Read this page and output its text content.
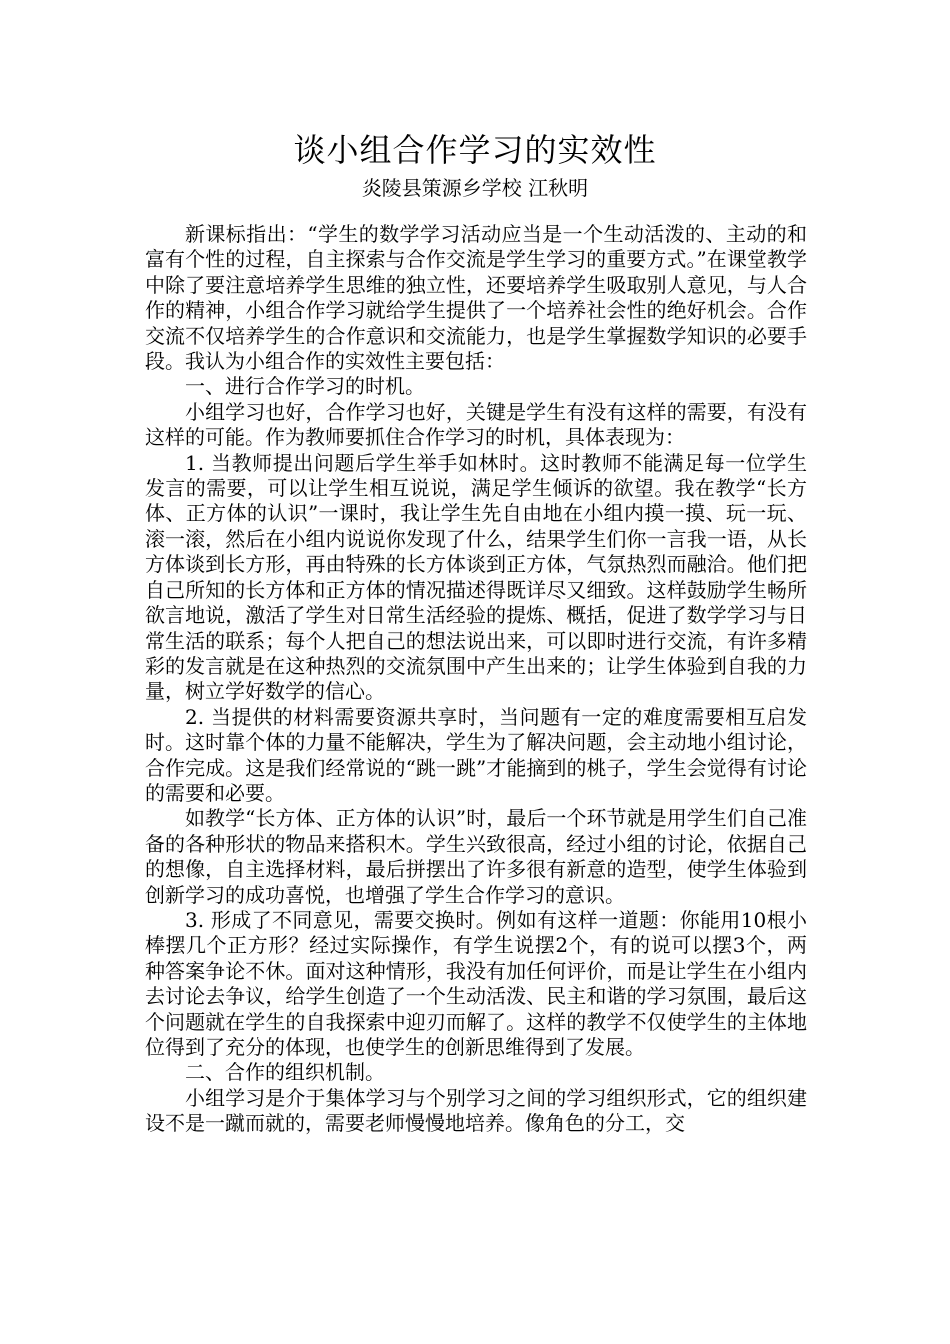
谈小组合作学习的实效性
炎陵县策源乡学校 江秋明

新课标指出：“学生的数学学习活动应当是一个生动活泼的、主动的和富有个性的过程，自主探索与合作交流是学生学习的重要方式。”在课堂教学中除了要注意培养学生思维的独立性，还要培养学生吸取别人意见，与人合作的精神，小组合作学习就给学生提供了一个培养社会性的绝好机会。合作交流不仅培养学生的合作意识和交流能力，也是学生掌握数学知识的必要手段。我认为小组合作的实效性主要包括：

一、进行合作学习的时机。

小组学习也好，合作学习也好，关键是学生有没有这样的需要，有没有这样的可能。作为教师要抓住合作学习的时机，具体表现为：

1. 当教师提出问题后学生举手如林时。这时教师不能满足每一位学生发言的需要，可以让学生相互说说，满足学生倾诉的欲望。我在教学“长方体、正方体的认识”一课时，我让学生先自由地在小组内摸一摸、玩一玩、滚一滚，然后在小组内说说你发现了什么，结果学生们你一言我一语，从长方体谈到长方形，再由特殊的长方体谈到正方体，气氛热烈而融洽。他们把自己所知的长方体和正方体的情况描述得既详尽又细致。这样鼓励学生畅所欲言地说，激活了学生对日常生活经验的提炼、概括，促进了数学学习与日常生活的联系；每个人把自己的想法说出来，可以即时进行交流，有许多精彩的发言就是在这种热烈的交流氛围中产生出来的；让学生体验到自我的力量，树立学好数学的信心。

2. 当提供的材料需要资源共享时，当问题有一定的难度需要相互启发时。这时靠个体的力量不能解决，学生为了解决问题，会主动地小组讨论，合作完成。这是我们经常说的“跳一跳”才能摘到的桃子，学生会觉得有讨论的需要和必要。

如教学“长方体、正方体的认识”时，最后一个环节就是用学生们自己准备的各种形状的物品来搭积木。学生兴致很高，经过小组的讨论，依据自己的想像，自主选择材料，最后拼摆出了许多很有新意的造型，使学生体验到创新学习的成功喜悦，也增强了学生合作学习的意识。

3. 形成了不同意见，需要交换时。例如有这样一道题：你能用10根小棒摆几个正方形？经过实际操作，有学生说摆2个，有的说可以摆3个，两种答案争论不休。面对这种情形，我没有加任何评价，而是让学生在小组内去讨论去争议，给学生创造了一个生动活泼、民主和谐的学习氛围，最后这个问题就在学生的自我探索中迎刃而解了。这样的教学不仅使学生的主体地位得到了充分的体现，也使学生的创新思维得到了发展。

二、合作的组织机制。

小组学习是介于集体学习与个别学习之间的学习组织形式，它的组织建设不是一蹴而就的，需要老师慢慢地培养。像角色的分工，交
